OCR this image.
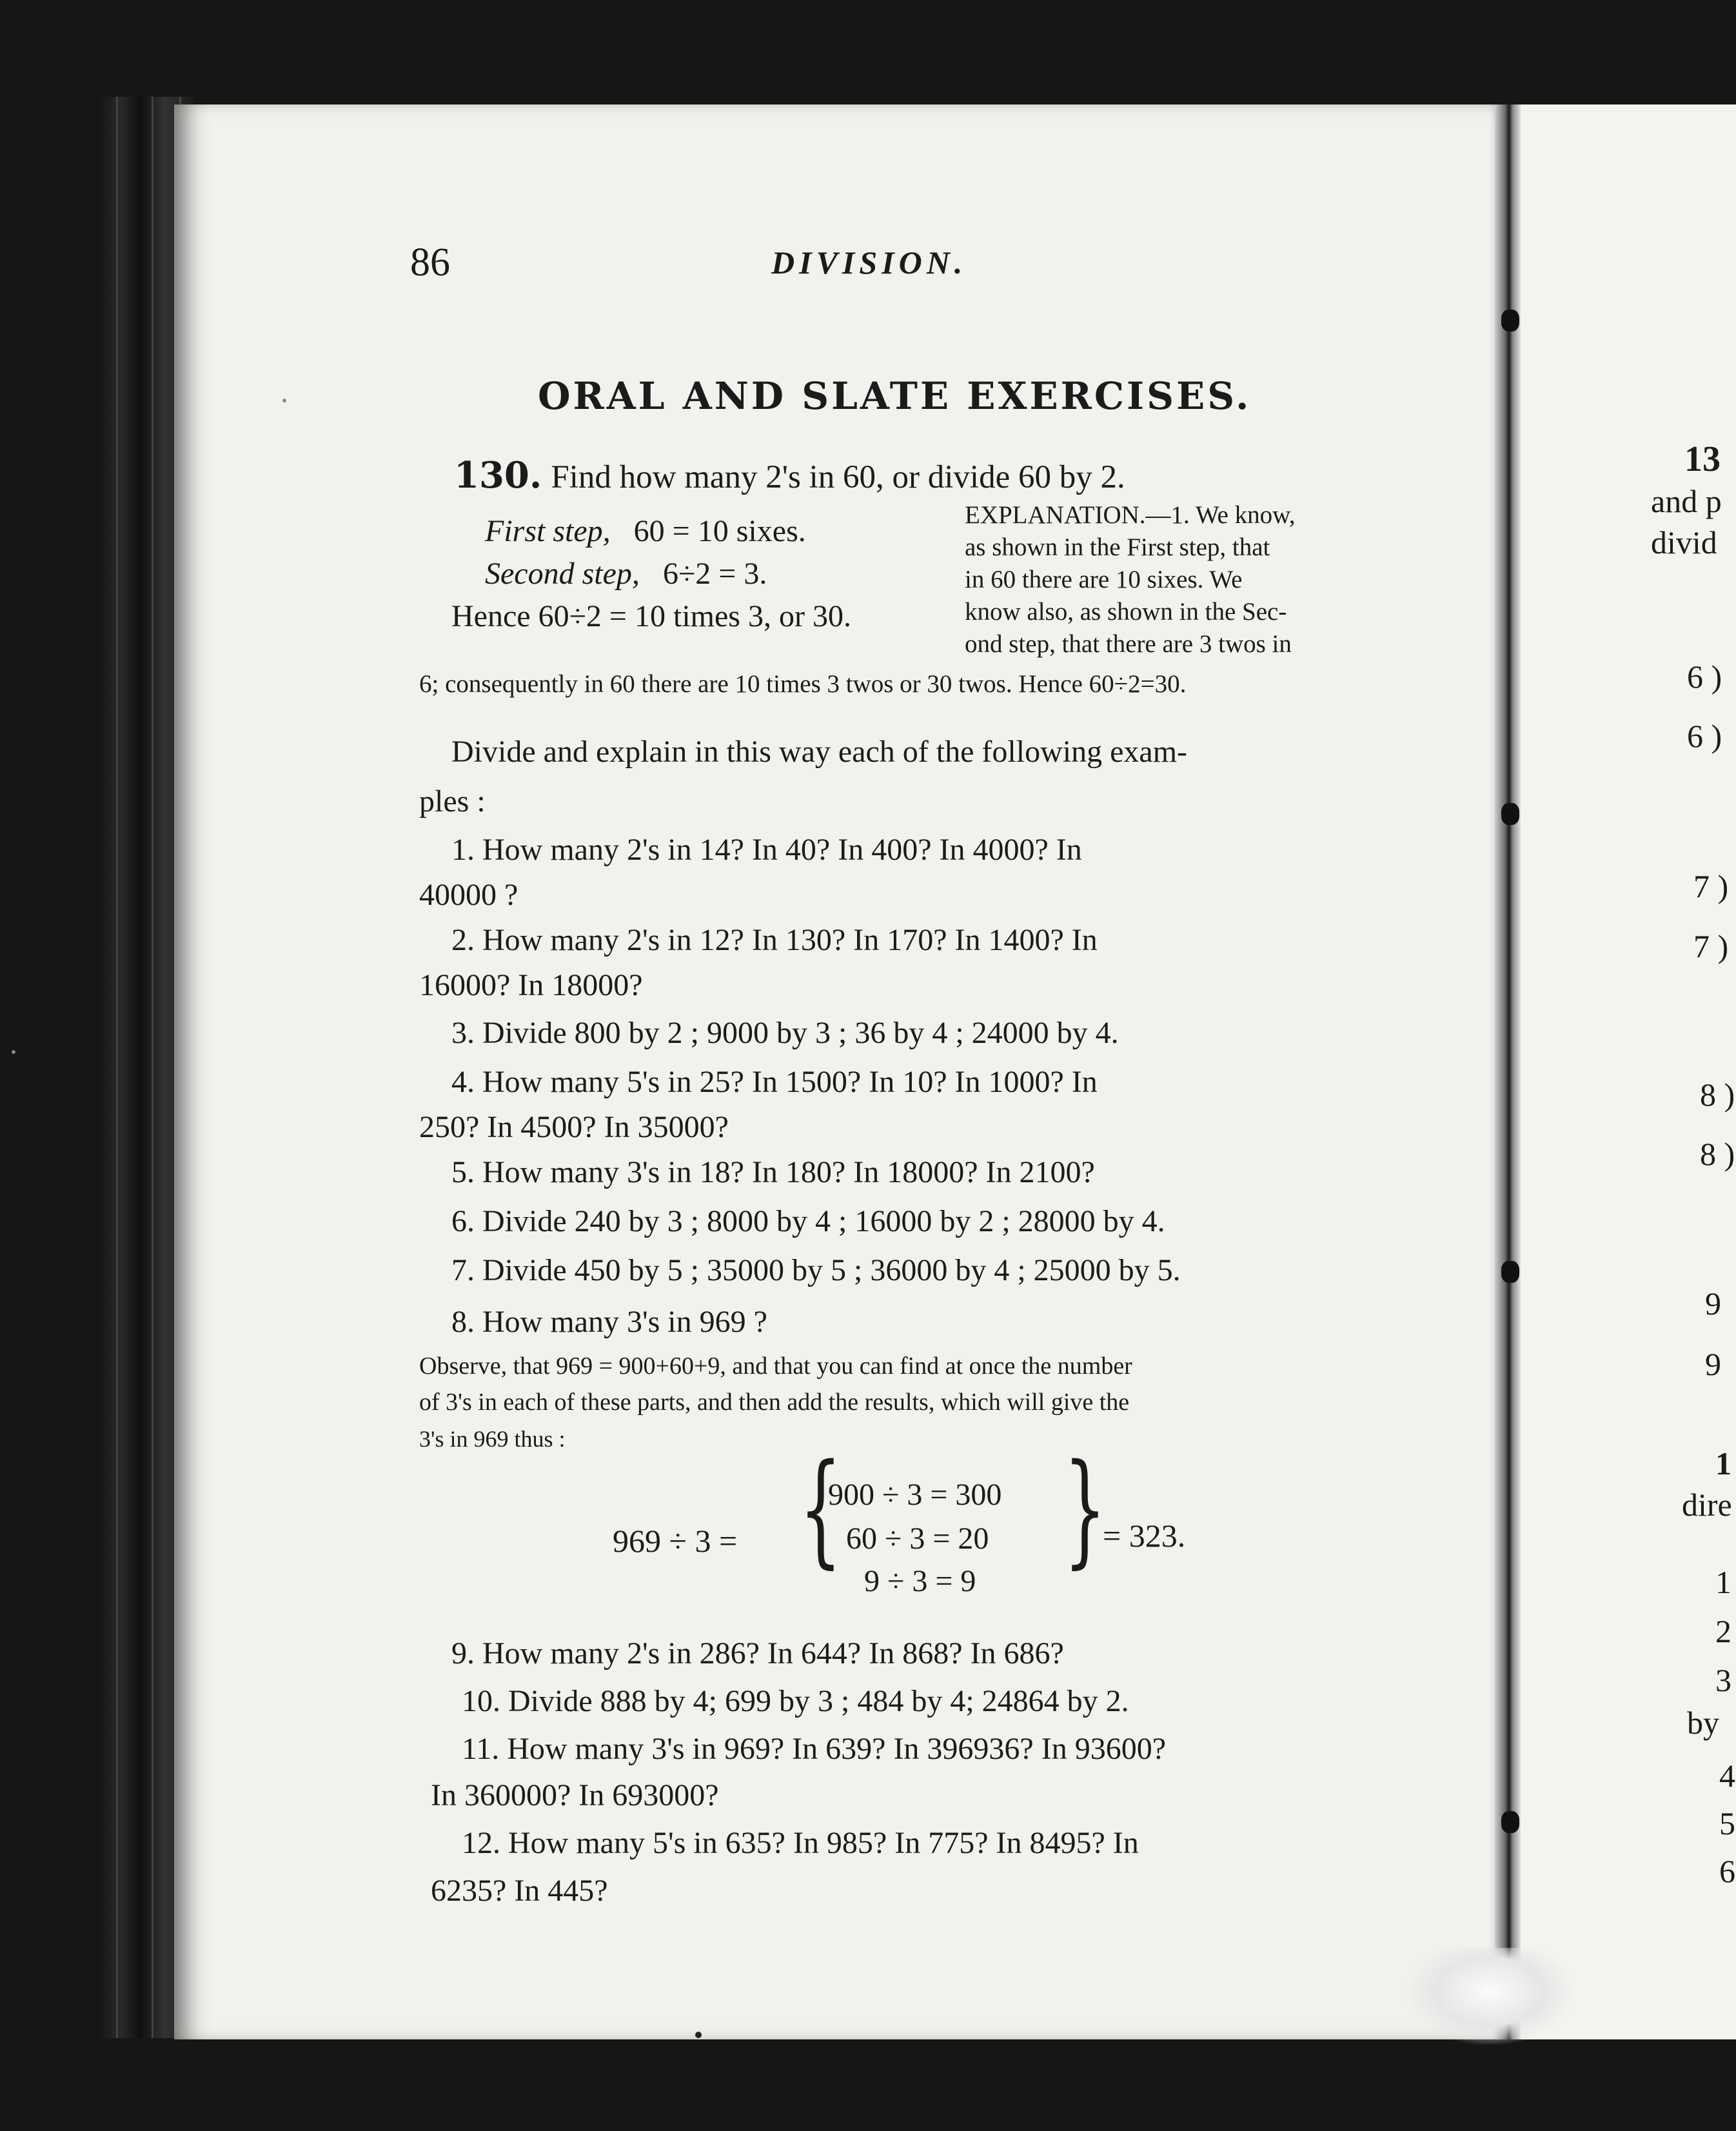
86	DIVISION.
ORAL AND SLATE EXERCISES.
130. Find how many 2's in 60, or divide 60 by 2.
First step, 60 = 10 sixes.
Second step, 6÷2 = 3.
Hence 60÷2 = 10 times 3, or 30.
EXPLANATION.—1. We know,
as shown in the First step, that
in 60 there are 10 sixes. We
know also, as shown in the Sec-
ond step, that there are 3 twos in
6; consequently in 60 there are 10 times 3 twos or 30 twos. Hence 60÷2=30.
Divide and explain in this way each of the following exam-
ples :
1. How many 2's in 14? In 40? In 400? In 4000? In
40000 ?
2. How many 2's in 12? In 130? In 170? In 1400? In
16000? In 18000?
3. Divide 800 by 2 ; 9000 by 3 ; 36 by 4 ; 24000 by 4.
4. How many 5's in 25? In 1500? In 10? In 1000? In
250? In 4500? In 35000?
5. How many 3's in 18? In 180? In 18000? In 2100?
6. Divide 240 by 3 ; 8000 by 4 ; 16000 by 2 ; 28000 by 4.
7. Divide 450 by 5 ; 35000 by 5 ; 36000 by 4 ; 25000 by 5.
8. How many 3's in 969 ?
Observe, that 969 = 900+60+9, and that you can find at once the number
of 3's in each of these parts, and then add the results, which will give the
3's in 969 thus :
969 ÷ 3 = {
900 ÷ 3 = 300
60 ÷ 3 = 20
9 ÷ 3 = 9
}
= 323.
9. How many 2's in 286? In 644? In 868? In 686?
10. Divide 888 by 4; 699 by 3 ; 484 by 4; 24864 by 2.
11. How many 3's in 969? In 639? In 396936? In 93600?
In 360000? In 693000?
12. How many 5's in 635? In 985? In 775? In 8495? In
6235? In 445?
13
and p
divid
6 )
6 )
7 )
7 )
8 )
8 )
9
9
1
dire
1
2
3
by
4
5
6
